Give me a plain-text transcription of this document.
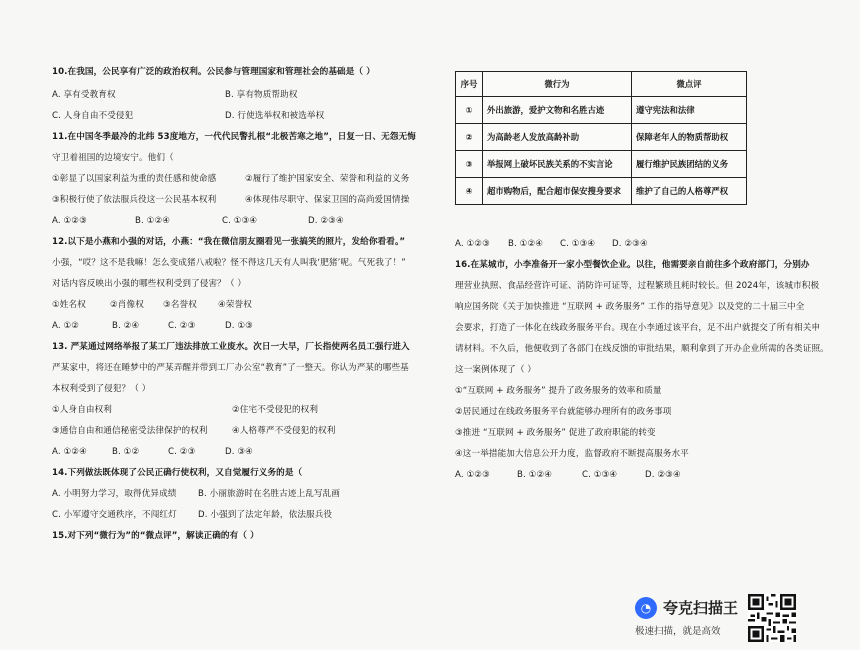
10.在我国，公民享有广泛的政治权利。公民参与管理国家和管理社会的基础是（ ）
A. 享有受教育权	B. 享有物质帮助权
C. 人身自由不受侵犯	D. 行使选举权和被选举权
11.在中国冬季最冷的北纬 53度地方，一代代民警扎根“北极苦寒之地”，日复一日、无怨无悔
守卫着祖国的边境安宁。他们（
①彰显了以国家利益为重的责任感和使命感	②履行了维护国家安全、荣誉和利益的义务
③积极行使了依法服兵役这一公民基本权利	④体现伟尽职守、保家卫国的高尚爱国情操
A. ①②③	B. ①②④	C. ①③④	D. ②③④
12.以下是小燕和小强的对话，小燕：“我在微信朋友圈看见一张搞笑的照片，发给你看看。”
小强，“哎？这不是我嘛！怎么变成猪八戒啦？怪不得这几天有人叫我‘肥猪’呢。气死我了！”
对话内容反映出小强的哪些权利受到了侵害？（ ）
①姓名权	②肖像权 ③名誉权 ④荣誉权
A. ①②	B. ②④	C. ②③	D. ①③
13. 严某通过网络举报了某工厂违法排放工业废水。次日一大早，厂长指使两名员工强行进入
严某家中，将还在睡梦中的严某弄醒并带到工厂办公室“教育”了一整天。你认为严某的哪些基
本权利受到了侵犯？（ ）
①人身自由权利	②住宅不受侵犯的权利
③通信自由和通信秘密受法律保护的权利	④人格尊严不受侵犯的权利
A. ①②④	B. ①②	C. ②③	D. ③④
14.下列做法既体现了公民正确行使权利，又自觉履行义务的是（
A. 小明努力学习，取得优异成绩 B. 小丽旅游时在名胜古迹上乱写乱画
C. 小军遵守交通秩序，不闯红灯 D. 小强到了法定年龄，依法服兵役
15.对下列“微行为”的“微点评”，解读正确的有（ ）
序号	微行为	微点评
①	外出旅游，爱护文物和名胜古迹	遵守宪法和法律
②	为高龄老人发放高龄补助	保障老年人的物质帮助权
③	举报网上破坏民族关系的不实言论	履行维护民族团结的义务
④	超市购物后，配合超市保安搜身要求	维护了自己的人格尊严权
A. ①②③ B. ①②④ C. ①③④ D. ②③④
16.在某城市，小李准备开一家小型餐饮企业。以往，他需要亲自前往多个政府部门，分别办
理营业执照、食品经营许可证、消防许可证等，过程繁琐且耗时较长。但 2024年，该城市积极
响应国务院《关于加快推进 “互联网 + 政务服务” 工作的指导意见》以及党的二十届三中全
会要求，打造了一体化在线政务服务平台。现在小李通过该平台，足不出户就提交了所有相关申
请材料。不久后，他便收到了各部门在线反馈的审批结果，顺利拿到了开办企业所需的各类证照。
这一案例体现了（ ）
①“互联网 + 政务服务” 提升了政务服务的效率和质量
②居民通过在线政务服务平台就能够办理所有的政务事项
③推进 “互联网 + 政务服务” 促进了政府职能的转变
④这一举措能加大信息公开力度，监督政府不断提高服务水平
A. ①②③	B. ①②④	C. ①③④	D. ②③④
◔ 夸克扫描王
极速扫描，就是高效
